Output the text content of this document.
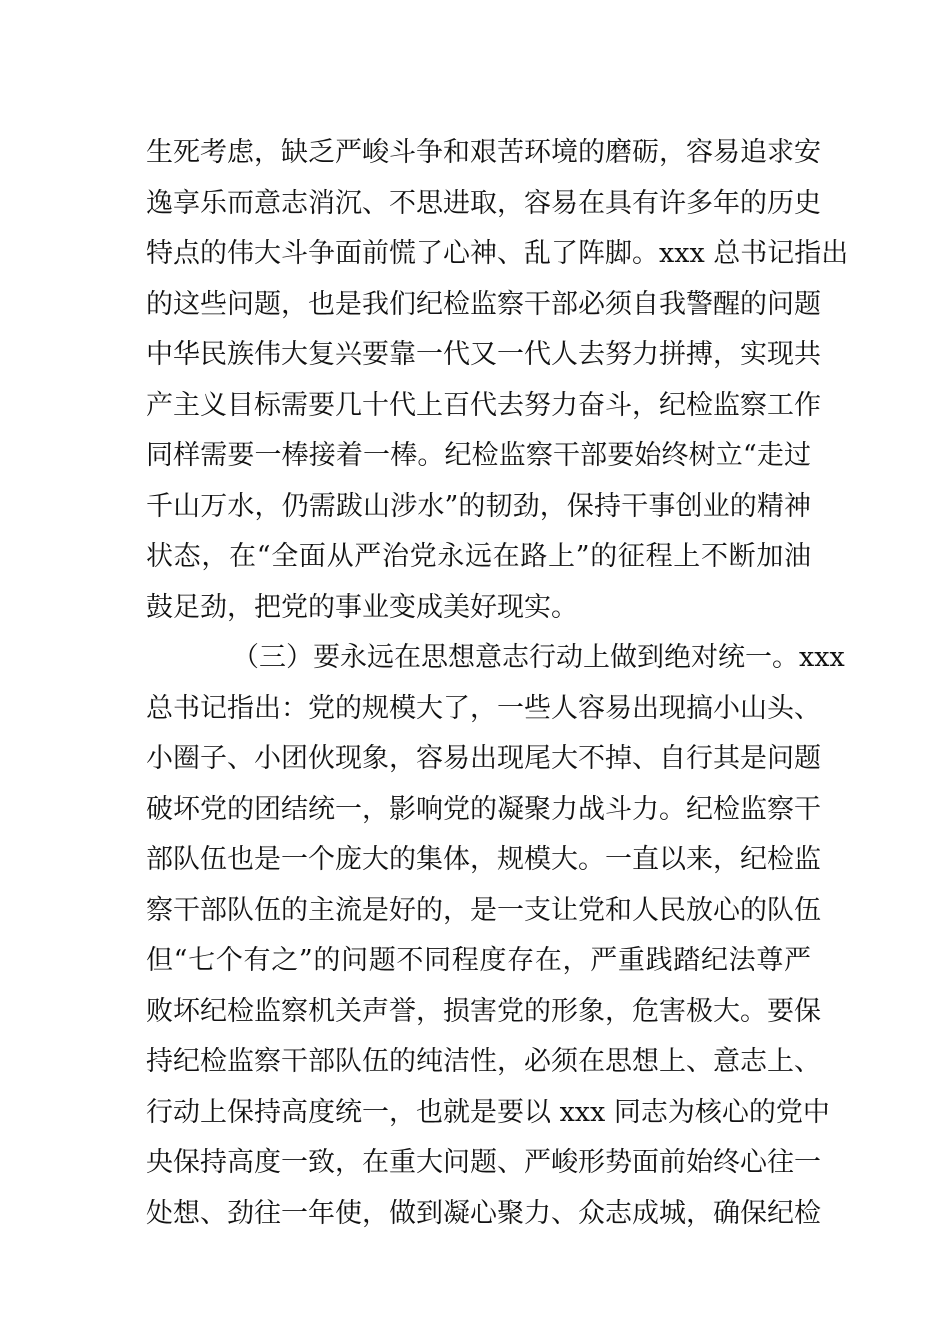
生死考虑，缺乏严峻斗争和艰苦环境的磨砺，容易追求安
逸享乐而意志消沉、不思进取，容易在具有许多年的历史
特点的伟大斗争面前慌了心神、乱了阵脚。xxx 总书记指出
的这些问题，也是我们纪检监察干部必须自我警醒的问题
中华民族伟大复兴要靠一代又一代人去努力拼搏，实现共
产主义目标需要几十代上百代去努力奋斗，纪检监察工作
同样需要一棒接着一棒。纪检监察干部要始终树立“走过
千山万水，仍需跋山涉水”的韧劲，保持干事创业的精神
状态，在“全面从严治党永远在路上”的征程上不断加油
鼓足劲，把党的事业变成美好现实。
（三）要永远在思想意志行动上做到绝对统一。xxx
总书记指出：党的规模大了，一些人容易出现搞小山头、
小圈子、小团伙现象，容易出现尾大不掉、自行其是问题
破坏党的团结统一，影响党的凝聚力战斗力。纪检监察干
部队伍也是一个庞大的集体，规模大。一直以来，纪检监
察干部队伍的主流是好的，是一支让党和人民放心的队伍
但“七个有之”的问题不同程度存在，严重践踏纪法尊严
败坏纪检监察机关声誉，损害党的形象，危害极大。要保
持纪检监察干部队伍的纯洁性，必须在思想上、意志上、
行动上保持高度统一，也就是要以 xxx 同志为核心的党中
央保持高度一致，在重大问题、严峻形势面前始终心往一
处想、劲往一年使，做到凝心聚力、众志成城，确保纪检
